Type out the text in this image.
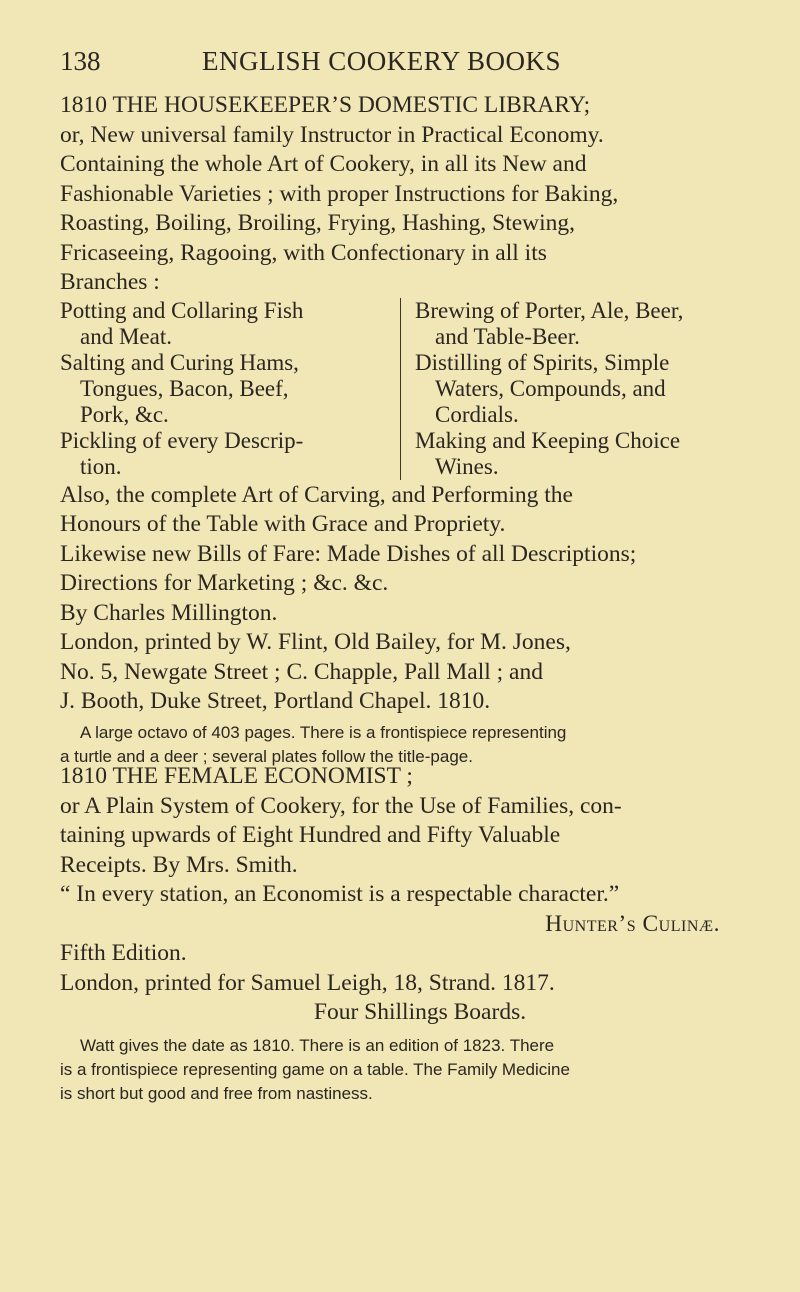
138	ENGLISH COOKERY BOOKS
1810 THE HOUSEKEEPER’S DOMESTIC LIBRARY;
or, New universal family Instructor in Practical Economy.
Containing the whole Art of Cookery, in all its New and
Fashionable Varieties ; with proper Instructions for Baking,
Roasting, Boiling, Broiling, Frying, Hashing, Stewing,
Fricaseeing, Ragooing, with Confectionary in all its
Branches :
Potting and Collaring Fish
and Meat.
Salting and Curing Hams,
Tongues, Bacon, Beef,
Pork, &c.
Pickling of every Descrip-
tion.
Brewing of Porter, Ale, Beer,
and Table-Beer.
Distilling of Spirits, Simple
Waters, Compounds, and
Cordials.
Making and Keeping Choice
Wines.
Also, the complete Art of Carving, and Performing the
Honours of the Table with Grace and Propriety.
Likewise new Bills of Fare: Made Dishes of all Descriptions;
Directions for Marketing ; &c. &c.
By Charles Millington.
London, printed by W. Flint, Old Bailey, for M. Jones,
No. 5, Newgate Street ; C. Chapple, Pall Mall ; and
J. Booth, Duke Street, Portland Chapel. 1810.
A large octavo of 403 pages. There is a frontispiece representing
a turtle and a deer ; several plates follow the title-page.
1810 THE FEMALE ECONOMIST ;
or A Plain System of Cookery, for the Use of Families, con-
taining upwards of Eight Hundred and Fifty Valuable
Receipts. By Mrs. Smith.
“ In every station, an Economist is a respectable character.”
Hunter’s Culinæ.
Fifth Edition.
London, printed for Samuel Leigh, 18, Strand. 1817.
Four Shillings Boards.
Watt gives the date as 1810. There is an edition of 1823. There
is a frontispiece representing game on a table. The Family Medicine
is short but good and free from nastiness.
